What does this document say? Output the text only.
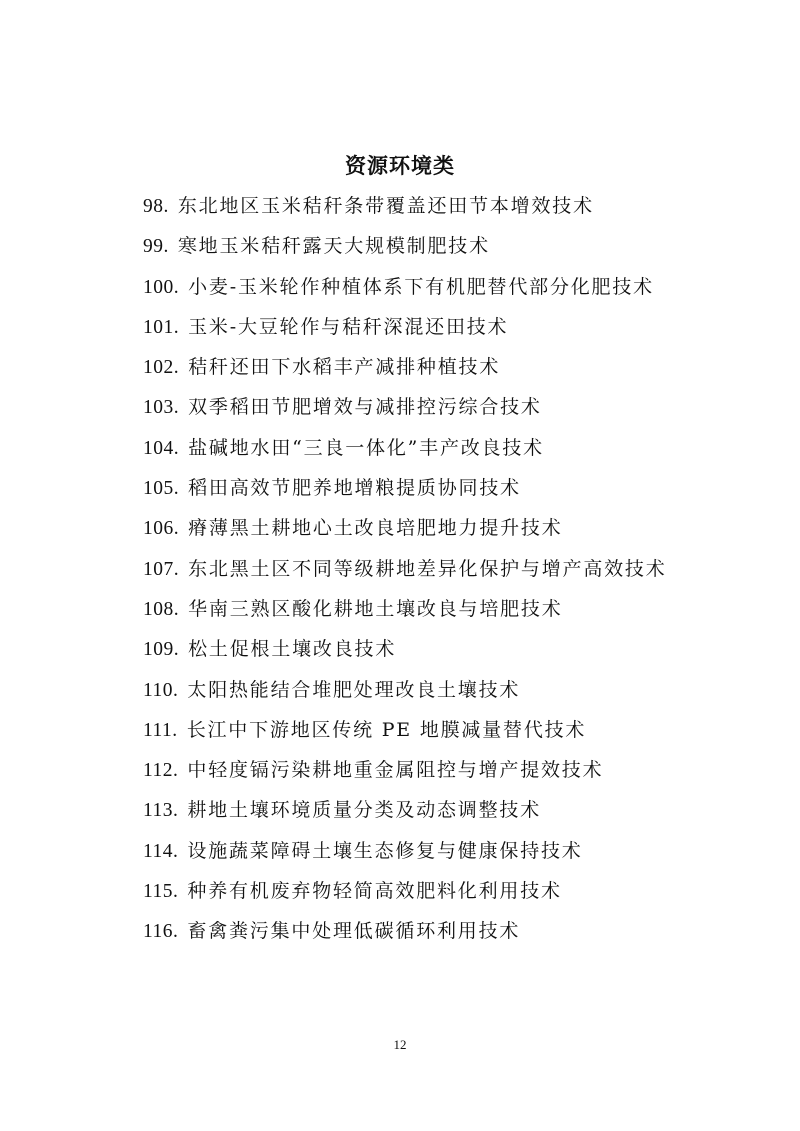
资源环境类
98. 东北地区玉米秸秆条带覆盖还田节本增效技术
99. 寒地玉米秸秆露天大规模制肥技术
100. 小麦-玉米轮作种植体系下有机肥替代部分化肥技术
101. 玉米-大豆轮作与秸秆深混还田技术
102. 秸秆还田下水稻丰产减排种植技术
103. 双季稻田节肥增效与减排控污综合技术
104. 盐碱地水田“三良一体化”丰产改良技术
105. 稻田高效节肥养地增粮提质协同技术
106. 瘠薄黑土耕地心土改良培肥地力提升技术
107. 东北黑土区不同等级耕地差异化保护与增产高效技术
108. 华南三熟区酸化耕地土壤改良与培肥技术
109. 松土促根土壤改良技术
110. 太阳热能结合堆肥处理改良土壤技术
111. 长江中下游地区传统 PE 地膜减量替代技术
112. 中轻度镉污染耕地重金属阻控与增产提效技术
113. 耕地土壤环境质量分类及动态调整技术
114. 设施蔬菜障碍土壤生态修复与健康保持技术
115. 种养有机废弃物轻简高效肥料化利用技术
116. 畜禽粪污集中处理低碳循环利用技术
12
